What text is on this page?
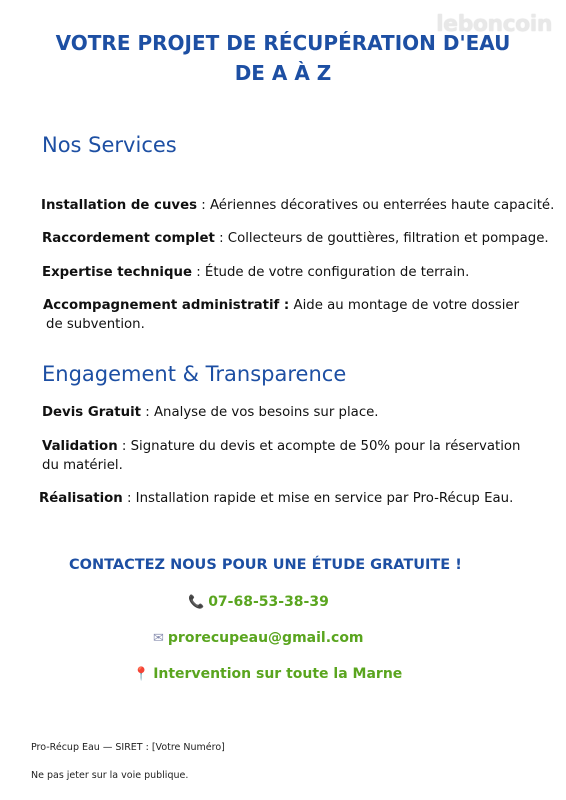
leboncoin
VOTRE PROJET DE RÉCUPÉRATION D'EAU
DE A À Z
Nos Services
Installation de cuves : Aériennes décoratives ou enterrées haute capacité.
Raccordement complet : Collecteurs de gouttières, filtration et pompage.
Expertise technique : Étude de votre configuration de terrain.
Accompagnement administratif : Aide au montage de votre dossier
de subvention.
Engagement & Transparence
Devis Gratuit : Analyse de vos besoins sur place.
Validation : Signature du devis et acompte de 50% pour la réservation
du matériel.
Réalisation : Installation rapide et mise en service par Pro-Récup Eau.
CONTACTEZ NOUS POUR UNE ÉTUDE GRATUITE !
📞 07-68-53-38-39
✉ prorecupeau@gmail.com
📍 Intervention sur toute la Marne
Pro-Récup Eau — SIRET : [Votre Numéro]
Ne pas jeter sur la voie publique.
